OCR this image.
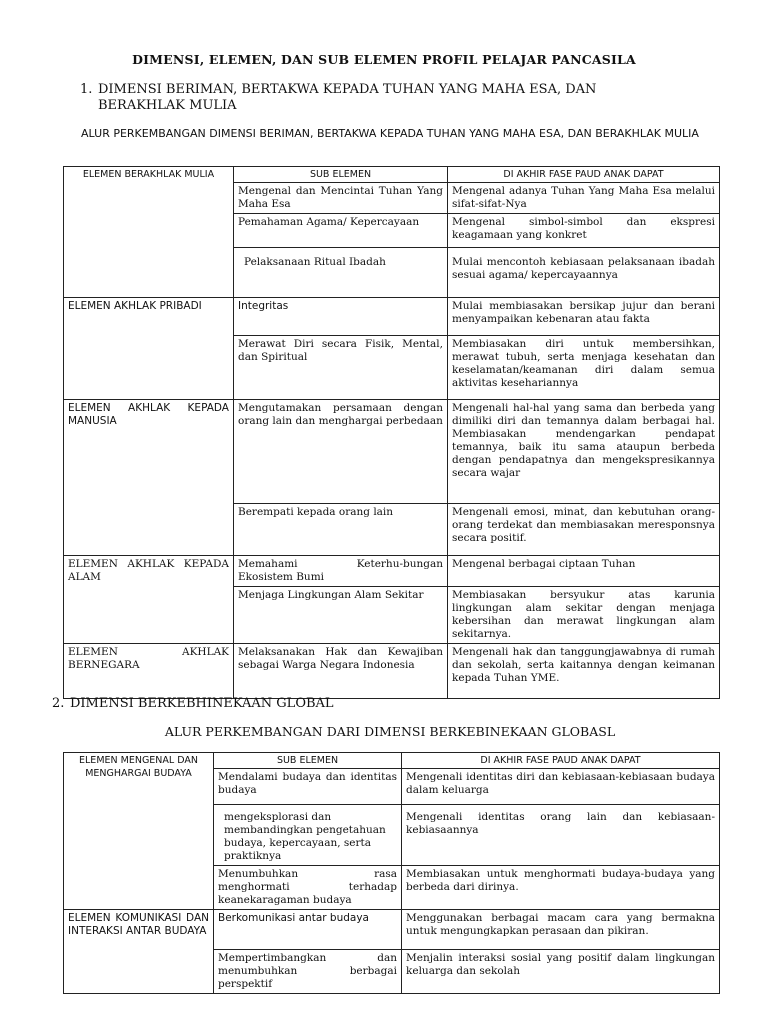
DIMENSI, ELEMEN, DAN SUB ELEMEN PROFIL PELAJAR PANCASILA
1. DIMENSI BERIMAN, BERTAKWA KEPADA TUHAN YANG MAHA ESA, DAN BERAKHLAK MULIA
ALUR PERKEMBANGAN DIMENSI BERIMAN, BERTAKWA KEPADA TUHAN YANG MAHA ESA, DAN BERAKHLAK MULIA
ELEMEN BERAKHLAK MULIA	SUB ELEMEN	DI AKHIR FASE PAUD ANAK DAPAT
	Mengenal dan Mencintai Tuhan Yang Maha Esa	Mengenal adanya Tuhan Yang Maha Esa melalui sifat-sifat-Nya
	Pemahaman Agama/ Kepercayaan	Mengenal simbol-simbol dan ekspresi keagamaan yang konkret
	Pelaksanaan Ritual Ibadah	Mulai mencontoh kebiasaan pelaksanaan ibadah sesuai agama/ kepercayaannya
ELEMEN AKHLAK PRIBADI	Integritas	Mulai membiasakan bersikap jujur dan berani menyampaikan kebenaran atau fakta
	Merawat Diri secara Fisik, Mental, dan Spiritual	Membiasakan diri untuk membersihkan, merawat tubuh, serta menjaga kesehatan dan keselamatan/keamanan diri dalam semua aktivitas kesehariannya
ELEMEN AKHLAK KEPADA MANUSIA	Mengutamakan persamaan dengan orang lain dan menghargai perbedaan	Mengenali hal-hal yang sama dan berbeda yang dimiliki diri dan temannya dalam berbagai hal. Membiasakan mendengarkan pendapat temannya, baik itu sama ataupun berbeda dengan pendapatnya dan mengekspresikannya secara wajar
	Berempati kepada orang lain	Mengenali emosi, minat, dan kebutuhan orang-orang terdekat dan membiasakan meresponsnya secara positif.
ELEMEN AKHLAK KEPADA ALAM	Memahami Keterhu-bungan Ekosistem Bumi	Mengenal berbagai ciptaan Tuhan
	Menjaga Lingkungan Alam Sekitar	Membiasakan bersyukur atas karunia lingkungan alam sekitar dengan menjaga kebersihan dan merawat lingkungan alam sekitarnya.
ELEMEN AKHLAK BERNEGARA	Melaksanakan Hak dan Kewajiban sebagai Warga Negara Indonesia	Mengenali hak dan tanggungjawabnya di rumah dan sekolah, serta kaitannya dengan keimanan kepada Tuhan YME.
2. DIMENSI BERKEBHINEKAAN GLOBAL
ALUR PERKEMBANGAN DARI DIMENSI BERKEBINEKAAN GLOBASL
ELEMEN MENGENAL DAN MENGHARGAI BUDAYA	SUB ELEMEN	DI AKHIR FASE PAUD ANAK DAPAT
	Mendalami budaya dan identitas budaya	Mengenali identitas diri dan kebiasaan-kebiasaan budaya dalam keluarga
	mengeksplorasi dan membandingkan pengetahuan budaya, kepercayaan, serta praktiknya	Mengenali identitas orang lain dan kebiasaan-kebiasaannya
	Menumbuhkan rasa menghormati terhadap keanekaragaman budaya	Membiasakan untuk menghormati budaya-budaya yang berbeda dari dirinya.
ELEMEN KOMUNIKASI DAN INTERAKSI ANTAR BUDAYA	Berkomunikasi antar budaya	Menggunakan berbagai macam cara yang bermakna untuk mengungkapkan perasaan dan pikiran.
	Mempertimbangkan dan menumbuhkan berbagai perspektif	Menjalin interaksi sosial yang positif dalam lingkungan keluarga dan sekolah
